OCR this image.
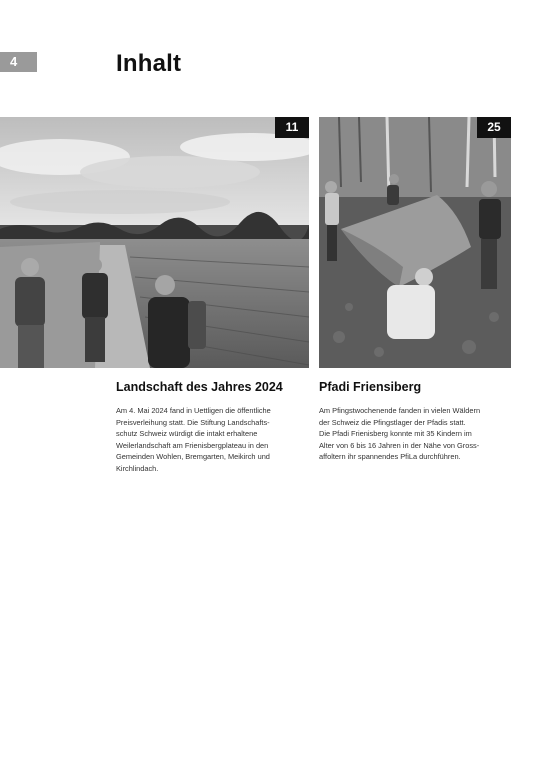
4	Inhalt
11
Landschaft des Jahres 2024

Am 4. Mai 2024 fand in Uettligen die öffentliche
Preisverleihung statt. Die Stiftung Landschafts-
schutz Schweiz würdigt die intakt erhaltene
Weilerlandschaft am Frienisbergplateau in den
Gemeinden Wohlen, Bremgarten, Meikirch und
Kirchlindach.

25
Pfadi Friensiberg

Am Pfingstwochenende fanden in vielen Wäldern
der Schweiz die Pfingstlager der Pfadis statt.
Die Pfadi Frienisberg konnte mit 35 Kindern im
Alter von 6 bis 16 Jahren in der Nähe von Gross-
affoltern ihr spannendes PfiLa durchführen.
